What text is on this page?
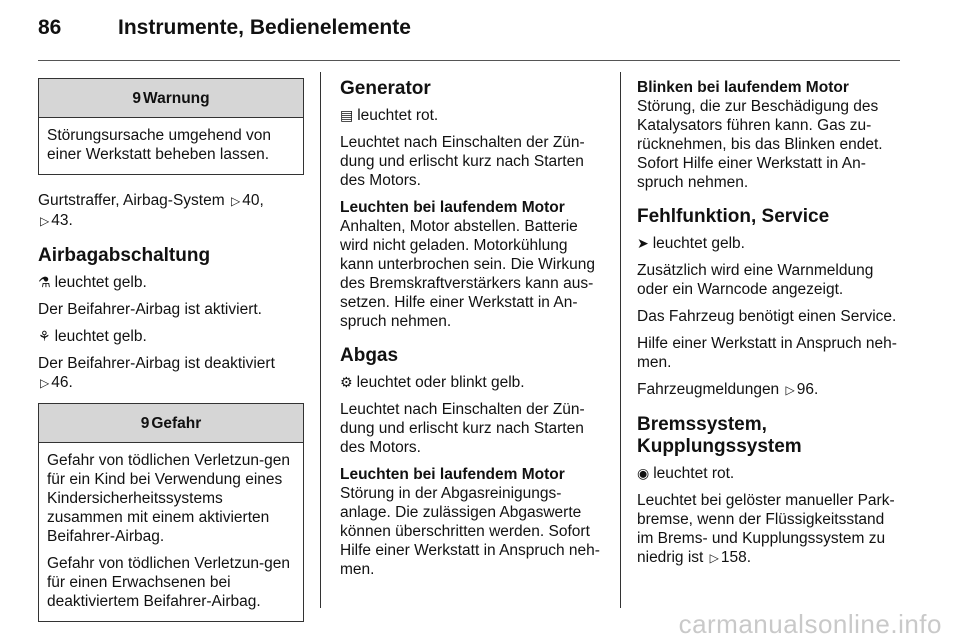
86	Instrumente, Bedienelemente
9 Warnung

Störungsursache umgehend von einer Werkstatt beheben lassen.

Gurtstraffer, Airbag-System ▷ 40,
▷ 43.

Airbagabschaltung

⚗ leuchtet gelb.

Der Beifahrer-Airbag ist aktiviert.

⚘ leuchtet gelb.

Der Beifahrer-Airbag ist deaktiviert
▷ 46.

9 Gefahr

Gefahr von tödlichen Verletzun-gen für ein Kind bei Verwendung eines Kindersicherheitssystems zusammen mit einem aktivierten Beifahrer-Airbag.

Gefahr von tödlichen Verletzun-gen für einen Erwachsenen bei deaktiviertem Beifahrer-Airbag.

Generator

▤ leuchtet rot.

Leuchtet nach Einschalten der Zün-dung und erlischt kurz nach Starten des Motors.

Leuchten bei laufendem Motor

Anhalten, Motor abstellen. Batterie wird nicht geladen. Motorkühlung kann unterbrochen sein. Die Wirkung des Bremskraftverstärkers kann aus-setzen. Hilfe einer Werkstatt in An-spruch nehmen.

Abgas

⚙ leuchtet oder blinkt gelb.

Leuchtet nach Einschalten der Zün-dung und erlischt kurz nach Starten des Motors.

Leuchten bei laufendem Motor

Störung in der Abgasreinigungs-anlage. Die zulässigen Abgaswerte können überschritten werden. Sofort Hilfe einer Werkstatt in Anspruch neh-men.

Blinken bei laufendem Motor

Störung, die zur Beschädigung des Katalysators führen kann. Gas zu-rücknehmen, bis das Blinken endet. Sofort Hilfe einer Werkstatt in An-spruch nehmen.

Fehlfunktion, Service

➤ leuchtet gelb.

Zusätzlich wird eine Warnmeldung oder ein Warncode angezeigt.

Das Fahrzeug benötigt einen Service.

Hilfe einer Werkstatt in Anspruch neh-men.

Fahrzeugmeldungen ▷ 96.

Bremssystem, Kupplungssystem

◉ leuchtet rot.

Leuchtet bei gelöster manueller Park-bremse, wenn der Flüssigkeitsstand im Brems- und Kupplungssystem zu niedrig ist ▷ 158.

carmanualsonline.info
